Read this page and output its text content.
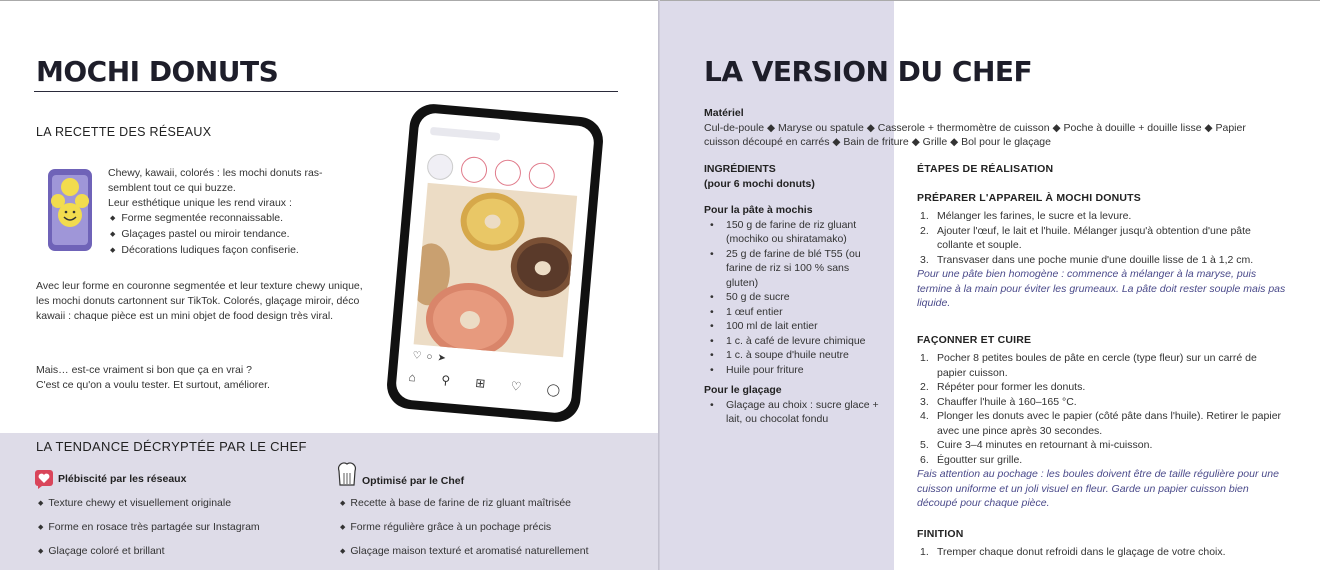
MOCHI DONUTS
LA RECETTE DES RÉSEAUX
Chewy, kawaii, colorés : les mochi donuts ras-
semblent tout ce qui buzze.
Leur esthétique unique les rend viraux :
◆ Forme segmentée reconnaissable.
◆ Glaçages pastel ou miroir tendance.
◆ Décorations ludiques façon confiserie.
Avec leur forme en couronne segmentée et leur texture chewy unique, les mochi donuts cartonnent sur TikTok. Colorés, glaçage miroir, déco kawaii : chaque pièce est un mini objet de food design très viral.
Mais… est-ce vraiment si bon que ça en vrai ?
C'est ce qu'on a voulu tester. Et surtout, améliorer.
♡○➤
⌂ ⚲ ⊞ ♡ ◯
LA TENDANCE DÉCRYPTÉE PAR LE CHEF
Plébiscité par les réseaux
◆ Texture chewy et visuellement originale
◆ Forme en rosace très partagée sur Instagram
◆ Glaçage coloré et brillant
Optimisé par le Chef
◆ Recette à base de farine de riz gluant maîtrisée
◆ Forme régulière grâce à un pochage précis
◆ Glaçage maison texturé et aromatisé naturellement
LA VERSION DU CHEF
Matériel
Cul-de-poule ◆ Maryse ou spatule ◆ Casserole + thermomètre de cuisson ◆ Poche à douille + douille lisse ◆ Papier cuisson découpé en carrés ◆ Bain de friture ◆ Grille ◆ Bol pour le glaçage
INGRÉDIENTS
(pour 6 mochi donuts)
Pour la pâte à mochis
• 150 g de farine de riz gluant (mochiko ou shiratamako)
• 25 g de farine de blé T55 (ou farine de riz si 100 % sans gluten)
• 50 g de sucre
• 1 œuf entier
• 100 ml de lait entier
• 1 c. à café de levure chimique
• 1 c. à soupe d'huile neutre
• Huile pour friture
Pour le glaçage
• Glaçage au choix : sucre glace + lait, ou chocolat fondu
ÉTAPES DE RÉALISATION
PRÉPARER L'APPAREIL À MOCHI DONUTS
1. Mélanger les farines, le sucre et la levure.
2. Ajouter l'œuf, le lait et l'huile. Mélanger jusqu'à obtention d'une pâte collante et souple.
3. Transvaser dans une poche munie d'une douille lisse de 1 à 1,2 cm.
Pour une pâte bien homogène : commence à mélanger à la maryse, puis termine à la main pour éviter les grumeaux. La pâte doit rester souple mais pas liquide.
FAÇONNER ET CUIRE
1. Pocher 8 petites boules de pâte en cercle (type fleur) sur un carré de papier cuisson.
2. Répéter pour former les donuts.
3. Chauffer l'huile à 160–165 °C.
4. Plonger les donuts avec le papier (côté pâte dans l'huile). Retirer le papier avec une pince après 30 secondes.
5. Cuire 3–4 minutes en retournant à mi-cuisson.
6. Égoutter sur grille.
Fais attention au pochage : les boules doivent être de taille régulière pour une cuisson uniforme et un joli visuel en fleur. Garde un papier cuisson bien découpé pour chaque pièce.
FINITION
1. Tremper chaque donut refroidi dans le glaçage de votre choix.
